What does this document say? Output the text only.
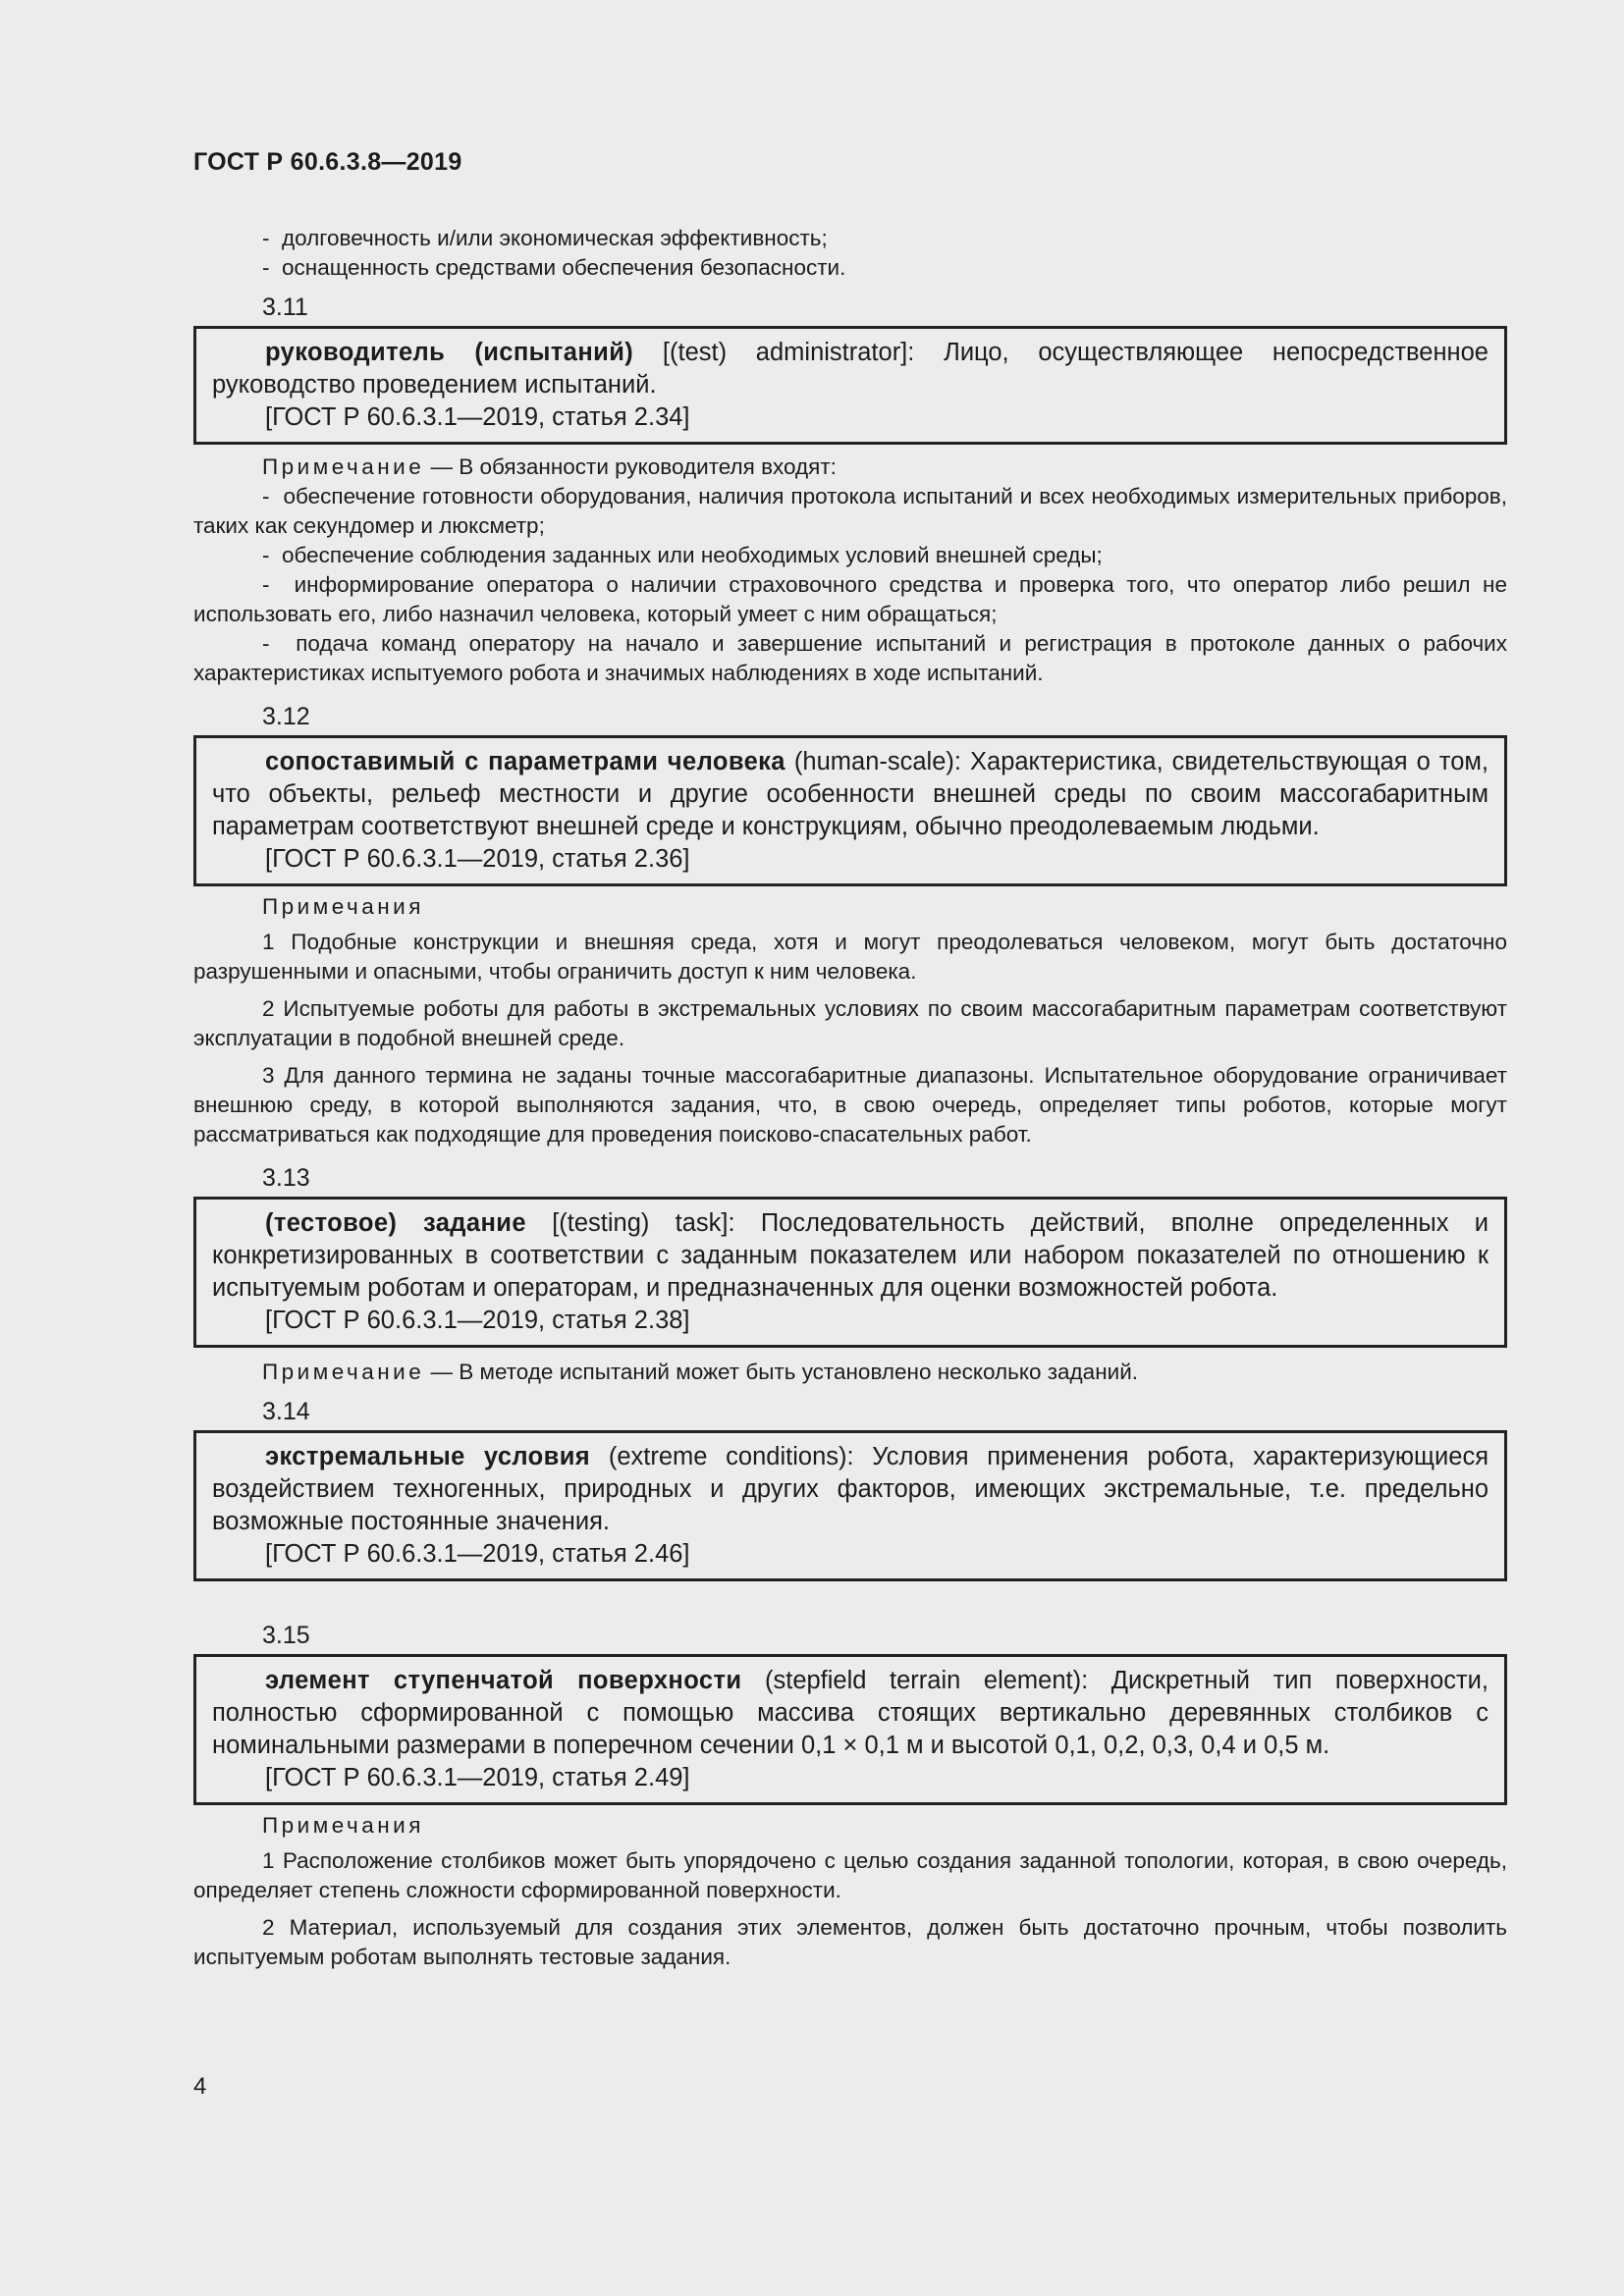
ГОСТ Р 60.6.3.8—2019

-  долговечность и/или экономическая эффективность;

-  оснащенность средствами обеспечения безопасности.

3.11

руководитель (испытаний) [(test) administrator]: Лицо, осуществляющее непосредственное руководство проведением испытаний.

[ГОСТ Р 60.6.3.1—2019, статья 2.34]

Примечание — В обязанности руководителя входят:

-  обеспечение готовности оборудования, наличия протокола испытаний и всех необходимых измерительных приборов, таких как секундомер и люксметр;

-  обеспечение соблюдения заданных или необходимых условий внешней среды;

-  информирование оператора о наличии страховочного средства и проверка того, что оператор либо решил не использовать его, либо назначил человека, который умеет с ним обращаться;

-  подача команд оператору на начало и завершение испытаний и регистрация в протоколе данных о рабочих характеристиках испытуемого робота и значимых наблюдениях в ходе испытаний.

3.12

сопоставимый с параметрами человека (human-scale): Характеристика, свидетельствующая о том, что объекты, рельеф местности и другие особенности внешней среды по своим массогабаритным параметрам соответствуют внешней среде и конструкциям, обычно преодолеваемым людьми.

[ГОСТ Р 60.6.3.1—2019, статья 2.36]

Примечания

1 Подобные конструкции и внешняя среда, хотя и могут преодолеваться человеком, могут быть достаточно разрушенными и опасными, чтобы ограничить доступ к ним человека.

2 Испытуемые роботы для работы в экстремальных условиях по своим массогабаритным параметрам соответствуют эксплуатации в подобной внешней среде.

3 Для данного термина не заданы точные массогабаритные диапазоны. Испытательное оборудование ограничивает внешнюю среду, в которой выполняются задания, что, в свою очередь, определяет типы роботов, которые могут рассматриваться как подходящие для проведения поисково-спасательных работ.

3.13

(тестовое) задание [(testing) task]: Последовательность действий, вполне определенных и конкретизированных в соответствии с заданным показателем или набором показателей по отношению к испытуемым роботам и операторам, и предназначенных для оценки возможностей робота.

[ГОСТ Р 60.6.3.1—2019, статья 2.38]

Примечание — В методе испытаний может быть установлено несколько заданий.

3.14

экстремальные условия (extreme conditions): Условия применения робота, характеризующиеся воздействием техногенных, природных и других факторов, имеющих экстремальные, т.е. предельно возможные постоянные значения.

[ГОСТ Р 60.6.3.1—2019, статья 2.46]

3.15

элемент ступенчатой поверхности (stepfield terrain element): Дискретный тип поверхности, полностью сформированной с помощью массива стоящих вертикально деревянных столбиков с номинальными размерами в поперечном сечении 0,1 × 0,1 м и высотой 0,1, 0,2, 0,3, 0,4 и 0,5 м.

[ГОСТ Р 60.6.3.1—2019, статья 2.49]

Примечания

1 Расположение столбиков может быть упорядочено с целью создания заданной топологии, которая, в свою очередь, определяет степень сложности сформированной поверхности.

2 Материал, используемый для создания этих элементов, должен быть достаточно прочным, чтобы позволить испытуемым роботам выполнять тестовые задания.

4
